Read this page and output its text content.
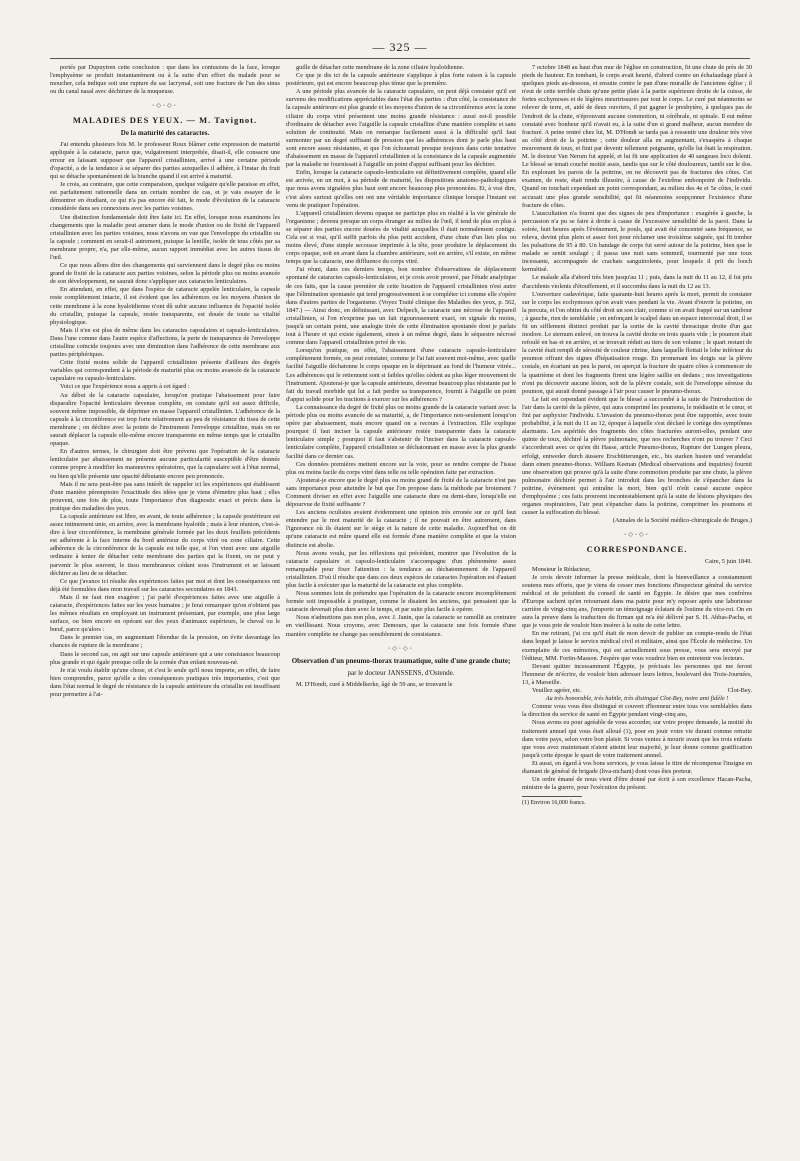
— 325 —

portés par Dupuytren cette conclusion : que dans les contusions de la face, lorsque l'emphysème se produit instantanément ou à la suite d'un effort du malade pour se moucher, cela indique soit une rupture du sac lacrymal, soit une fracture de l'un des sinus ou du canal nasal avec déchirure de la muqueuse.

◦◇◦◇◦
MALADIES DES YEUX. — M. Tavignot.
De la maturité des cataractes.

J'ai entendu plusieurs fois M. le professeur Roux blâmer cette expression de maturité appliquée à la cataracte, parce que, vulgairement interprétée, disait-il, elle consacre une erreur en laissant supposer que l'appareil cristallinien, arrivé à une certaine période d'opacité, a de la tendance à se séparer des parties auxquelles il adhère, à l'instar du fruit qui se détache spontanément de la branche quand il est arrivé à maturité.

Je crois, au contraire, que cette comparaison, quelque vulgaire qu'elle paraisse en effet, est parfaitement rationnelle dans un certain nombre de cas, et je vais essayer de le démontrer en étudiant, ce qui n'a pas encore été fait, le mode d'évolution de la cataracte considérée dans ses connexions avec les parties voisines.

Une distinction fondamentale doit être faite ici. En effet, lorsque nous examinons les changements que la maladie peut amener dans le mode d'union ou de fixité de l'appareil cristallinien avec les parties voisines, nous n'avons en vue que l'enveloppe du cristallin ou la capsule ; comment en serait-il autrement, puisque la lentille, isolée de tous côtés par sa membrane propre, n'a, par elle-même, aucun rapport immédiat avec les autres tissus de l'œil.

Ce que nous allons dire des changements qui surviennent dans le degré plus ou moins grand de fixité de la cataracte aux parties voisines, selon la période plus ou moins avancée de son développement, ne saurait donc s'appliquer aux cataractes lenticulaires.

En attendant, en effet, que dans l'espèce de cataracte appelée lenticulaire, la capsule reste complètement intacte, il est évident que les adhérences ou les moyens d'union de cette membrane à la zone hyaloïdienne n'ont dû subir aucune influence de l'opacité isolée du cristallin, puisque la capsule, restée transparente, est douée de toute sa vitalité physiologique.

Mais il n'en est plus de même dans les cataractes capsulaires et capsulo-lenticulaires. Dans l'une comme dans l'autre espèce d'affections, la perte de transparence de l'enveloppe cristalline coïncide toujours avec une diminution dans l'adhérence de cette membrane aux parties périphériques.

Cette fixité moins solide de l'appareil cristallinien présente d'ailleurs des degrés variables qui correspondent à la période de maturité plus ou moins avancée de la cataracte capsulaire ou capsulo-lenticulaire.

Voici ce que l'expérience nous a appris à cet égard :

Au début de la cataracte capsulaire, lorsqu'on pratique l'abaissement pour faire disparaître l'opacité lenticulaire devenue complète, on constate qu'il est assez difficile, souvent même impossible, de déprimer en masse l'appareil cristallinien. L'adhérence de la capsule à la circonférence est trop forte relativement au peu de résistance du tissu de cette membrane ; on déchire avec la pointe de l'instrument l'enveloppe cristalline, mais on ne saurait déplacer la capsule elle-même encore transparente en même temps que le cristallin opaque.

En d'autres termes, le chirurgien doit être prévenu que l'opération de la cataracte lenticulaire par abaissement ne présente aucune particularité susceptible d'être donnée comme propre à modifier les manœuvres opératoires, que la capsulaire soit à l'état normal, ou bien qu'elle présente une opacité débutante encore peu prononcée.

Mais il ne sera peut-être pas sans intérêt de rappeler ici les expériences qui établissent d'une manière péremptoire l'exactitude des idées que je viens d'émettre plus haut ; elles prouvent, une fois de plus, toute l'importance d'un diagnostic exact et précis dans la pratique des maladies des yeux.

La capsule antérieure est libre, en avant, de toute adhérence ; la capsule postérieure est assez intimement unie, en arrière, avec la membrane hyaloïde ; mais à leur réunion, c'est-à-dire à leur circonférence, la membrane générale formée par les deux feuillets précédents est adhérente à la face interne du bord antérieur du corps vitré ou zone ciliaire. Cette adhérence de la circonférence de la capsule est telle que, si l'on vient avec une aiguille ordinaire à tenter de détacher cette membrane des parties qui la fixent, on ne peut y parvenir le plus souvent, le tissu membraneux cédant sous l'instrument et se laissant déchirer au lieu de se détacher.

Ce que j'avance ici résulte des expériences faites par moi et dont les conséquences ont déjà été formulées dans mon travail sur les cataractes secondaires en 1843.

Mais il ne faut rien exagérer ; j'ai parlé d'expériences faites avec une aiguille à cataracte, d'expériences faites sur les yeux humains ; je ferai remarquer qu'on n'obtient pas les mêmes résultats en employant un instrument présentant, par exemple, une plus large surface, ou bien encore en opérant sur des yeux d'animaux supérieurs, le cheval ou le bœuf, parce qu'alors :

Dans le premier cas, en augmentant l'étendue de la pression, on évite davantage les chances de rupture de la membrane ;

Dans le second cas, on agit sur une capsule antérieure qui a une consistance beaucoup plus grande et qui égale presque celle de la cornée d'un enfant nouveau-né.

Je n'ai voulu établir qu'une chose, et c'est le seule qu'il nous importe, en effet, de faire bien comprendre, parce qu'elle a des conséquences pratiques très importantes, c'est que dans l'état normal le degré de résistance de la capsule antérieure du cristallin est insuffisant pour permettre à l'ai-

guille de détacher cette membrane de la zone ciliaire hyaloïdienne.

Ce que je dis ici de la capsule antérieure s'applique à plus forte raison à la capsule postérieure, qui est encore beaucoup plus ténue que la première.

A une période plus avancée de la cataracte capsulaire, on peut déjà constater qu'il est survenu des modifications appréciables dans l'état des parties : d'un côté, la consistance de la capsule antérieure est plus grande et les moyens d'union de sa circonférence avec la zone ciliaire du corps vitré présentent une moins grande résistance : aussi est-il possible d'ordinaire de détacher avec l'aiguille la capsule cristalline d'une manière complète et sans solution de continuité. Mais on remarque facilement aussi à la difficulté qu'il faut surmonter par un degré suffisant de pression que les adhérences dont je parle plus haut sont encore assez résistantes, et que l'on échouerait presque toujours dans cette tentative d'abaissement en masse de l'appareil cristallinien si la consistance de la capsule augmentée par la maladie ne fournissait à l'aiguille un point d'appui suffisant pour les déchirer.

Enfin, lorsque la cataracte capsulo-lenticulaire est définitivement complète, quand elle est arrivée, en un mot, à sa période de maturité, les dispositions anatomo-pathologiques que nous avons signalées plus haut sont encore beaucoup plus prononcées. Et, à vrai dire, c'est alors surtout qu'elles ont ont une véritable importance clinique lorsque l'instant est venu de pratiquer l'opération.

L'appareil cristallinien devenu opaque ne participe plus en réalité à la vie générale de l'organisme ; devenu presque un corps étranger au milieu de l'œil, il tend de plus en plus à se séparer des parties encore douées de vitalité auxquelles il était normalement contigu. Cela est si vrai, qu'il suffit parfois du plus petit accident, d'une chute d'un lieu plus ou moins élevé, d'une simple secousse imprimée à la tête, pour produire le déplacement du corps opaque, soit en avant dans la chambre antérieure, soit en arrière, s'il existe, en même temps que la cataracte, une diffluence du corps vitré.

J'ai réuni, dans ces derniers temps, bon nombre d'observations de déplacement spontané de cataractes capsulo-lenticulaires, et je crois avoir prouvé, par l'étude analytique de ces faits, que la cause première de cette luxation de l'appareil cristallinien n'est autre que l'élimination spontanée qui tend progressivement à se compléter ici comme elle s'opère dans d'autres parties de l'organisme. (Voyez Traité clinique des Maladies des yeux, p. 562, 1847.) — Ainsi donc, en définissant, avec Delpech, la cataracte une nécrose de l'appareil cristallinien, si l'on n'exprime pas un fait rigoureusement exact, on signale du moins, jusqu'à un certain point, une analogie tirée de cette élimination spontanée dont je parlais tout à l'heure et qui existe également, sinon à un même degré, dans le séquestre nécrosé comme dans l'appareil cristallinien privé de vie.

Lorsqu'on pratique, en effet, l'abaissement d'une cataracte capsulo-lenticulaire complètement formée, on peut constater, comme je l'ai fait souvent moi-même, avec quelle facilité l'aiguille déchatonne le corps opaque en le déprimant au fond de l'humeur vitrée... Les adhérences qui le retiennent sont si faibles qu'elles cèdent au plus léger mouvement de l'instrument. Ajouterai-je que la capsule antérieure, devenue beaucoup plus résistante par le fait du travail morbide qui lui a fait perdre sa transparence, fournit à l'aiguille un point d'appui solide pour les tractions à exercer sur les adhérences ?

La connaissance du degré de fixité plus ou moins grande de la cataracte variant avec la période plus ou moins avancée de sa maturité, a, de l'importance non-seulement lorsqu'on opère par abaissement, mais encore quand on a recours à l'extraction. Elle explique pourquoi il faut inciser la capsule antérieure restée transparente dans la cataracte lenticulaire simple ; pourquoi il faut s'abstenir de l'inciser dans la cataracte capsulo-lenticulaire complète, l'appareil cristallinien se déchatonnant en masse avec la plus grande facilité dans ce dernier cas.

Ces données premières mettent encore sur la voie, pour se rendre compte de l'issue plus ou moins facile du corps vitré dans telle ou telle opération faite par extraction.

Ajouterai-je encore que le degré plus ou moins grand de fixité de la cataracte n'est pas sans importance pour atteindre le but que l'on propose dans la méthode par broiement ? Comment diviser en effet avec l'aiguille une cataracte dure ou demi-dure, lorsqu'elle est dépourvue de fixité suffisante ?

Les anciens oculistes avaient évidemment une opinion très erronée sur ce qu'il faut entendre par le mot maturité de la cataracte ; il ne pouvait en être autrement, dans l'ignorance où ils étaient sur le siège et la nature de cette maladie. Aujourd'hui on dit qu'une cataracte est mûre quand elle est formée d'une manière complète et que la vision distincte est abolie.

Nous avons voulu, par les réflexions qui précèdent, montrer que l'évolution de la cataracte capsulaire et capsulo-lenticulaire s'accompagne d'un phénomène assez remarquable pour fixer l'attention : la tendance au déchatonnement de l'appareil cristallinien. D'où il résulte que dans ces deux espèces de cataractes l'opération est d'autant plus facile à exécuter que la maturité de la cataracte est plus complète.

Nous sommes loin de prétendre que l'opération de la cataracte encore incomplètement formée soit impossible à pratiquer, comme le disaient les anciens, qui pensaient que la cataracte devenait plus dure avec le temps, et par suite plus facile à opérer.

Nous n'admettons pas non plus, avec J. Janin, que la cataracte se ramollit au contraire en vieillissant. Nous croyons, avec Demours, que la cataracte une fois formée d'une manière complète ne change pas sensiblement de consistance.

◦◇◦◇◦
Observation d'un pneumo-thorax traumatique, suite d'une grande chute;
par le docteur JANSSENS, d'Ostende.

M. D'Hondt, curé à Middelkerke, âgé de 59 ans, se trouvant le

7 octobre 1848 au haut d'un mur de l'église en construction, fit une chute de près de 30 pieds de hauteur. En tombant, le corps avait heurté, d'abord contre un échafaudage placé à quelques pieds au-dessous, et ensuite contre le pan d'une muraille de l'ancienne église ; il n'eut de cette terrible chute qu'une petite plaie à la partie supérieure droite de la cuisse, de fortes ecchymoses et de légères meurtrissures par tout le corps. Le curé put néanmoins se relever de terre, et, aidé de deux ouvriers, il put gagner le presbytère, à quelques pas de l'endroit de la chute, n'éprouvant aucune commotion, ni cérébrale, ni spinale. Il eut même constaté avec bonheur qu'il n'avait eu, à la suite d'un si grand malheur, aucun membre de fracturé. A peine rentré chez lui, M. D'Hondt se tarda pas à ressentir une douleur très vive au côté droit de la poitrine ; cette douleur alla en augmentant, s'exaspéra à chaque mouvement de toux, et finit par devenir tellement poignante, qu'elle lui ôtait la respiration. M. le docteur Van Nerum fut appelé, et lui fit une application de 40 sangsues loco dolenti. Le blessé se tenait couché moitié assis, tandis que sur le côté douloureux, tantôt sur le dos. En explorant les parois de la poitrine, on ne découvrit pas de fractures des côtes. Cet examen, de reste, était rendu illusoire, à cause de l'extrême embonpoint de l'individu. Quand on touchait cependant un point correspondant, au milieu des 4e et 5e côtes, le curé accusait une plus grande sensibilité, qui fit néanmoins soupçonner l'existence d'une fracture de côtes.

L'auscultation n'a fourni que des signes de peu d'importance : exagérée à gauche, la percussion n'a pu se faire à droite à cause de l'excessive sensibilité de la paroi. Dans la soirée, huit heures après l'événement, le pouls, qui avait été concentré sans fréquence, se releva, devint plus plein et assez fort pour réclamer une troisième saignée, qui fit tomber les pulsations de 95 à 80. Un bandage de corps fut serré autour de la poitrine, bien que le malade se sentit soulagé ; il passa une nuit sans sommeil, tourmenté par une toux incessante, accompagnée de crachats sanguinolents, pour lesquels il prit du looch kermétisé.

Le malade alla d'abord très bien jusqu'au 11 ; puis, dans la nuit du 11 au 12, il fut pris d'accidents violents d'étouffement, et il succomba dans la nuit du 12 au 13.

L'ouverture cadavérique, faite quarante-huit heures après la mort, permit de constater sur le corps les ecchymoses qu'on avait vues pendant la vie. Avant d'ouvrir la poitrine, on la percuta, et l'on obtint du côté droit un son clair, comme si on avait frappé sur un tambour ; à gauche, rien de semblable ; en enfonçant le scalpel dans un espace intercostal droit, il se fit un sifflement distinct produit par la sortie de la cavité thoracique droite d'un gaz inodore. Le sternum enlevé, on trouva la cavité droite en trois quarts vide ; le poumon était refoulé en bas et en arrière, et se trouvait réduit au tiers de son volume ; le quart restant de la cavité était rempli de sérosité de couleur citrine, dans laquelle flottait le lobe inférieur du poumon offrant des signes d'hépatisation rouge. En promenant les doigts sur la plèvre costale, en écartant un peu la paroi, on aperçut la fracture de quatre côtes à commencer de la quatrième et dont les fragments firent une légère saillie en dedans ; nos investigations n'ont pu découvrir aucune lésion, soit de la plèvre costale, soit de l'enveloppe séreuse du poumon, qui aurait donné passage à l'air pour causer le pneumo-thorax.

Le fait est cependant évident que le blessé a succombé à la suite de l'introduction de l'air dans la cavité de la plèvre, qui aura comprimé les poumons, le médiastin et le cœur, et fini par asphyxier l'individu. L'invasion du pneumo-thorax peut être rapportée, avec toute probabilité, à la nuit du 11 au 12, époque à laquelle s'est déclaré le cortège des symptômes alarmants. Les aspérités des fragments des côtes fracturées auront-elles, pendant une quinte de toux, déchiré la plèvre pulmonaire, que nos recherches n'ont pu trouver ? Ceci s'accorderait avec ce qu'en dit Hasse, article Pneumo-thorax, Rupture der Lungen pleura, erfolgt, entweder durch äussere Erschütterungen, etc., bis starken husten und verandelst dann einen pneumo-thorax. William Keenan (Medical observations and inquiries) fournit une observation qui prouve qu'à la suite d'une commotion produite par une chute, la plèvre pulmonaire déchirée permet à l'air introduit dans les bronches de s'épancher dans la poitrine, évènement qui entraîne la mort, bien qu'il n'eût causé aucune espèce d'emphysème ; ces faits prouvent incontestablement qu'à la suite de lésions physiques des organes respiratoires, l'air peut s'épancher dans la poitrine, comprimer les poumons et causer la suffocation du blessé.

(Annales de la Société médico-chirurgicale de Bruges.)
◦◇◦◇◦
CORRESPONDANCE.
Caire, 5 juin 1849.

Monsieur le Rédacteur,

Je crois devoir informer la presse médicale, dont la bienveillance a constamment soutenu mes efforts, que je viens de cesser mes fonctions d'inspecteur général du service médical et de président du conseil de santé en Égypte. Je désire que mes confrères d'Europe sachent qu'en retournant dans ma patrie pour m'y reposer après une laborieuse carrière de vingt-cinq ans, j'emporte un témoignage éclatant de l'estime du vice-roi. On en aura la preuve dans la traduction du firman qui m'a été délivré par S. H. Abbas-Pacha, et que je vous prie de vouloir bien insérer à la suite de cette lettre.

En me retirant, j'ai cru qu'il était de mon devoir de publier un compte-rendu de l'état dans lequel je laisse le service médical civil et militaire, ainsi que l'École de médecine. Un exemplaire de ces mémoires, qui est actuellement sous presse, vous sera envoyé par l'éditeur, MM. Fortin-Masson. J'espère que vous voudrez bien en entretenir vos lecteurs.

Devant quitter incessamment l'Égypte, je précisais les personnes qui me feront l'honneur de m'écrire, de vouloir bien adresser leurs lettres, boulevard des Trois-Journées, 13, à Marseille.

Veuillez agréer, etc.	Clot-Bey.

Au très honorable, très habile, très distingué Clot-Bey, notre ami fidèle !

Comme vous vous êtes distingué et couvert d'honneur entre tous vos semblables dans la direction du service de santé en Égypte pendant vingt-cinq ans,

Nous avons eu pour agréable de vous accorder, sur votre propre demande, la moitié du traitement annuel qui vous était alloué (1), pour en jouir votre vie durant comme retraite dans votre pays, selon votre bon plaisir. Si vous veniez à mourir avant que les trois enfants que vous avez maintenant n'aient atteint leur majorité, je leur donne comme gratification jusqu'à cette époque le quart de votre traitement annuel.

Et aussi, en égard à vos bons services, je vous laisse le titre de récompense l'insigne en diamant de général de brigade (liva-nichani) dont vous êtes porteur.

Un ordre émané de nous vient d'être donné par écrit à son excellence Hacan-Pacha, ministre de la guerre, pour l'exécution du présent.

(1) Environ 16,000 francs.
